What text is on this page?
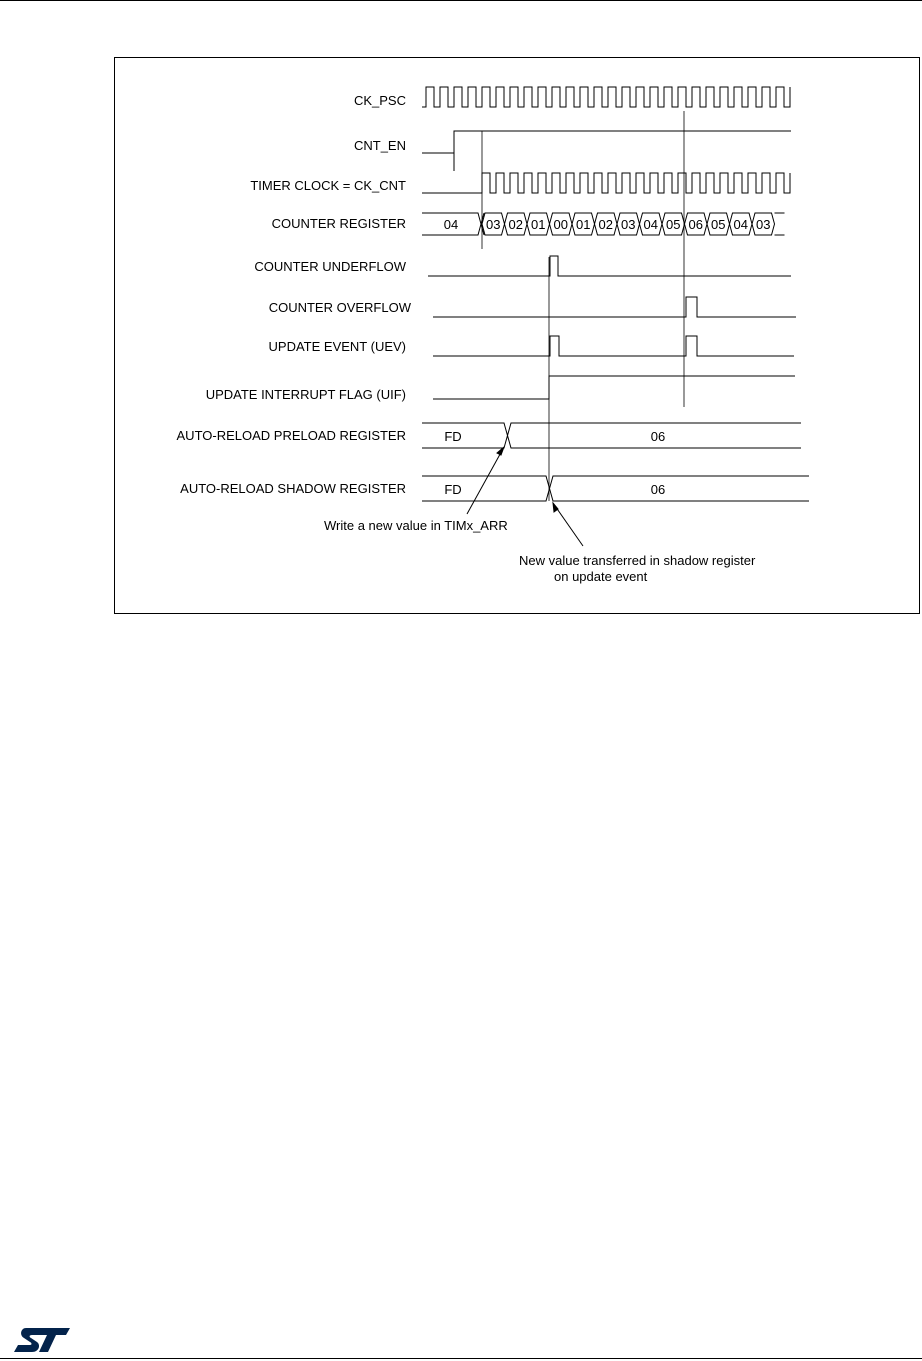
CK_PSC
CNT_EN
TIMER CLOCK = CK_CNT
COUNTER REGISTER
COUNTER UNDERFLOW
COUNTER OVERFLOW
UPDATE EVENT (UEV)
UPDATE INTERRUPT FLAG (UIF)
AUTO-RELOAD PRELOAD REGISTER
AUTO-RELOAD SHADOW REGISTER
04 03 02 01 00 01 02 03 04 05 06 05 04 03
FD	06
FD	06
Write a new value in TIMx_ARR
New value transferred in shadow register
on update event
